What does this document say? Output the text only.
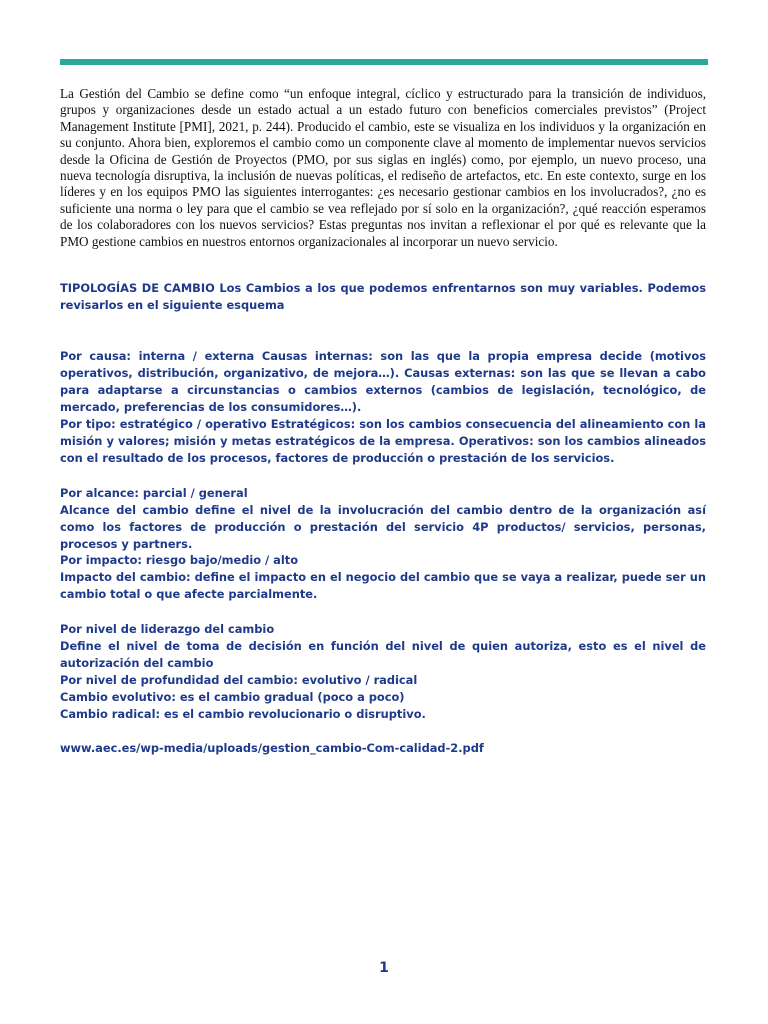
La Gestión del Cambio se define como “un enfoque integral, cíclico y estructurado para la transición de individuos, grupos y organizaciones desde un estado actual a un estado futuro con beneficios comerciales previstos” (Project Management Institute [PMI], 2021, p. 244). Producido el cambio, este se visualiza en los individuos y la organización en su conjunto. Ahora bien, exploremos el cambio como un componente clave al momento de implementar nuevos servicios desde la Oficina de Gestión de Proyectos (PMO, por sus siglas en inglés) como, por ejemplo, un nuevo proceso, una nueva tecnología disruptiva, la inclusión de nuevas políticas, el rediseño de artefactos, etc. En este contexto, surge en los líderes y en los equipos PMO las siguientes interrogantes: ¿es necesario gestionar cambios en los involucrados?, ¿no es suficiente una norma o ley para que el cambio se vea reflejado por sí solo en la organización?, ¿qué reacción esperamos de los colaboradores con los nuevos servicios? Estas preguntas nos invitan a reflexionar el por qué es relevante que la PMO gestione cambios en nuestros entornos organizacionales al incorporar un nuevo servicio.

TIPOLOGÍAS DE CAMBIO Los Cambios a los que podemos enfrentarnos son muy variables. Podemos revisarlos en el siguiente esquema

Por causa: interna / externa Causas internas: son las que la propia empresa decide (motivos operativos, distribución, organizativo, de mejora…). Causas externas: son las que se llevan a cabo para adaptarse a circunstancias o cambios externos (cambios de legislación, tecnológico, de mercado, preferencias de los consumidores…).

Por tipo: estratégico / operativo Estratégicos: son los cambios consecuencia del alineamiento con la misión y valores; misión y metas estratégicos de la empresa. Operativos: son los cambios alineados con el resultado de los procesos, factores de producción o prestación de los servicios.

Por alcance: parcial / general
Alcance del cambio define el nivel de la involucración del cambio dentro de la organización así como los factores de producción o prestación del servicio 4P productos/ servicios, personas, procesos y partners.
Por impacto: riesgo bajo/medio / alto
Impacto del cambio: define el impacto en el negocio del cambio que se vaya a realizar, puede ser un cambio total o que afecte parcialmente.
Por nivel de liderazgo del cambio
Define el nivel de toma de decisión en función del nivel de quien autoriza, esto es el nivel de autorización del cambio
Por nivel de profundidad del cambio: evolutivo / radical
Cambio evolutivo: es el cambio gradual (poco a poco)
Cambio radical: es el cambio revolucionario o disruptivo.

www.aec.es/wp-media/uploads/gestion_cambio-Com-calidad-2.pdf

1
